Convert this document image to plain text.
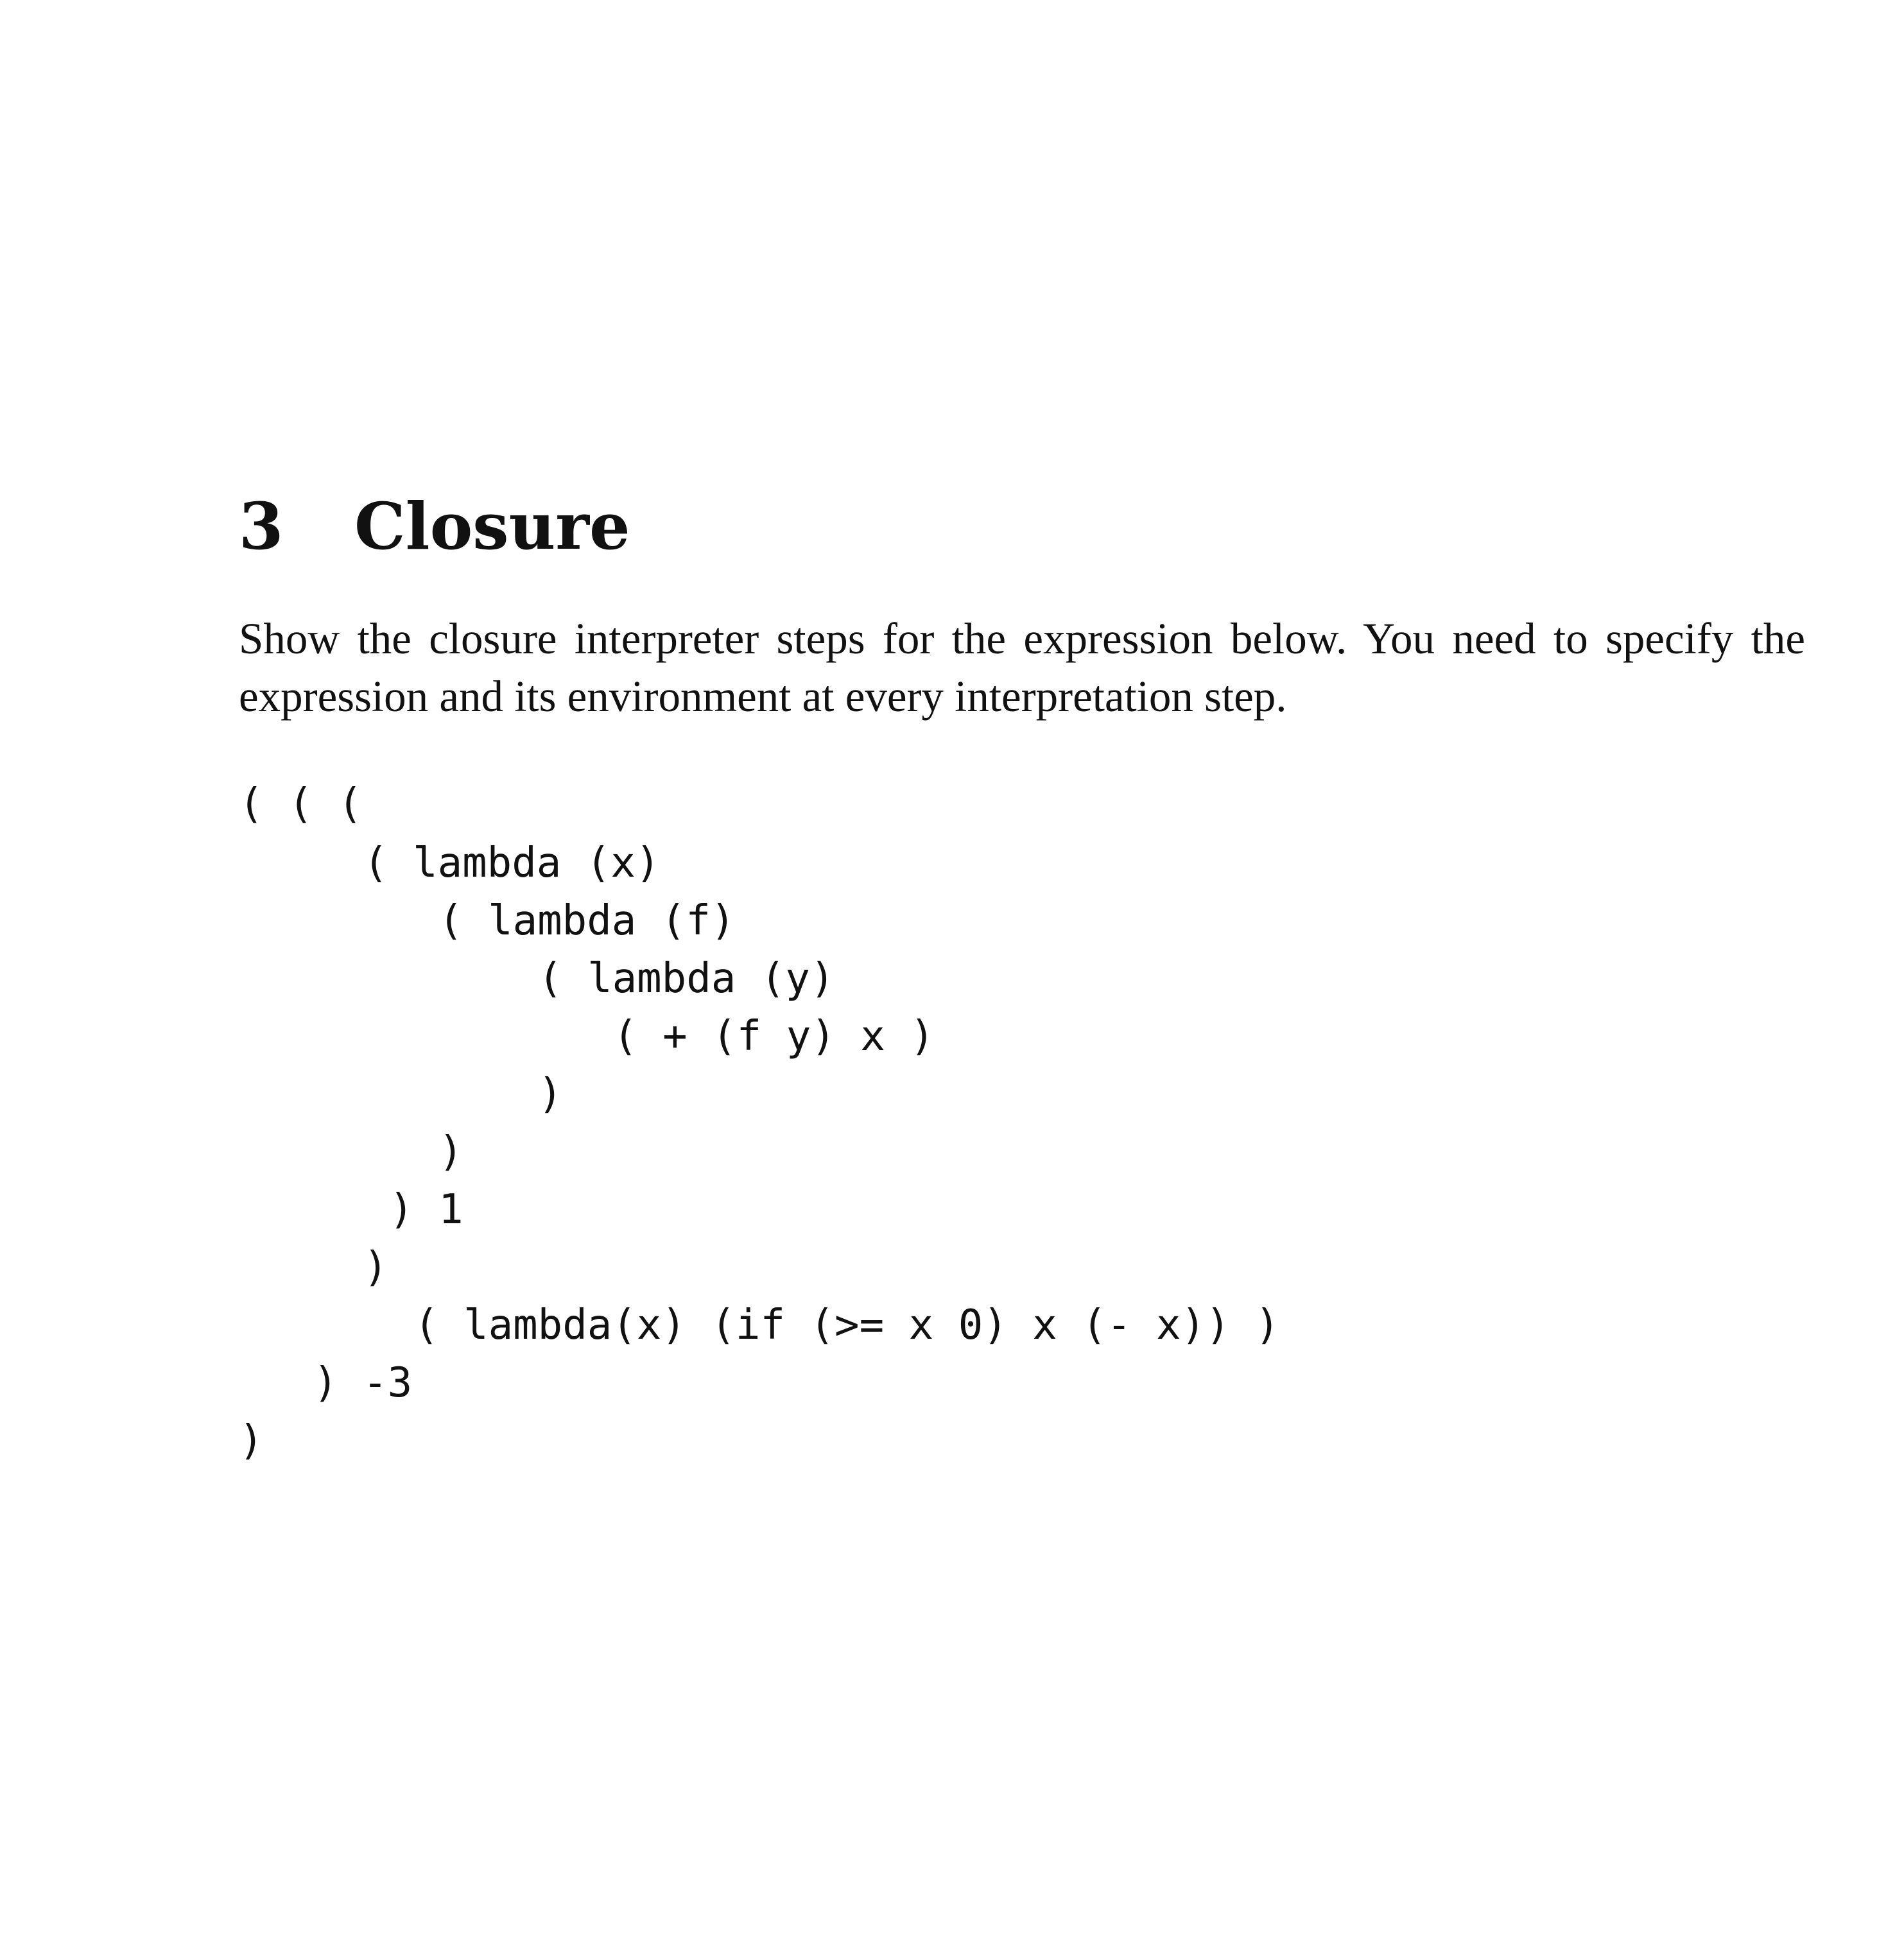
3 Closure

Show the closure interpreter steps for the expression below. You need to specify the expression and its environment at every interpretation step.

( ( (
( lambda (x)
( lambda (f)
( lambda (y)
( + (f y) x )
)
)
) 1
)
( lambda(x) (if (>= x 0) x (- x)) )
) -3
)
